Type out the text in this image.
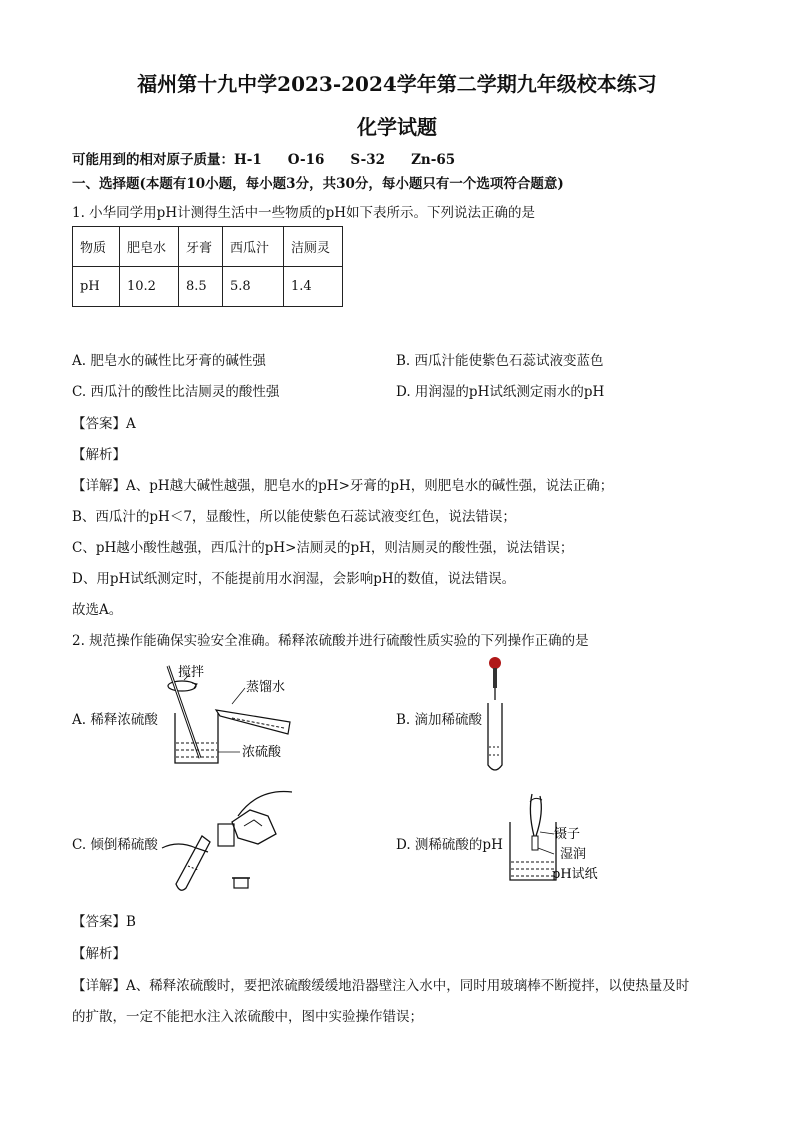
福州第十九中学2023-2024学年第二学期九年级校本练习
化学试题
可能用到的相对原子质量：H-1 O-16 S-32 Zn-65
一、选择题(本题有10小题，每小题3分，共30分，每小题只有一个选项符合题意)
1. 小华同学用pH计测得生活中一些物质的pH如下表所示。下列说法正确的是
物质	肥皂水	牙膏	西瓜汁	洁厕灵
pH	10.2	8.5	5.8	1.4
A. 肥皂水的碱性比牙膏的碱性强	B. 西瓜汁能使紫色石蕊试液变蓝色
C. 西瓜汁的酸性比洁厕灵的酸性强	D. 用润湿的pH试纸测定雨水的pH
【答案】A
【解析】
【详解】A、pH越大碱性越强，肥皂水的pH>牙膏的pH，则肥皂水的碱性强，说法正确；
B、西瓜汁的pH＜7，显酸性，所以能使紫色石蕊试液变红色，说法错误；
C、pH越小酸性越强，西瓜汁的pH>洁厕灵的pH，则洁厕灵的酸性强，说法错误；
D、用pH试纸测定时，不能提前用水润湿，会影响pH的数值，说法错误。
故选A。
2. 规范操作能确保实验安全准确。稀释浓硫酸并进行硫酸性质实验的下列操作正确的是
A. 稀释浓硫酸
搅拌
蒸馏水
浓硫酸
B. 滴加稀硫酸
C. 倾倒稀硫酸	D. 测稀硫酸的pH
镊子
湿润
pH试纸
【答案】B
【解析】
【详解】A、稀释浓硫酸时，要把浓硫酸缓缓地沿器壁注入水中，同时用玻璃棒不断搅拌，以使热量及时
的扩散，一定不能把水注入浓硫酸中，图中实验操作错误；
